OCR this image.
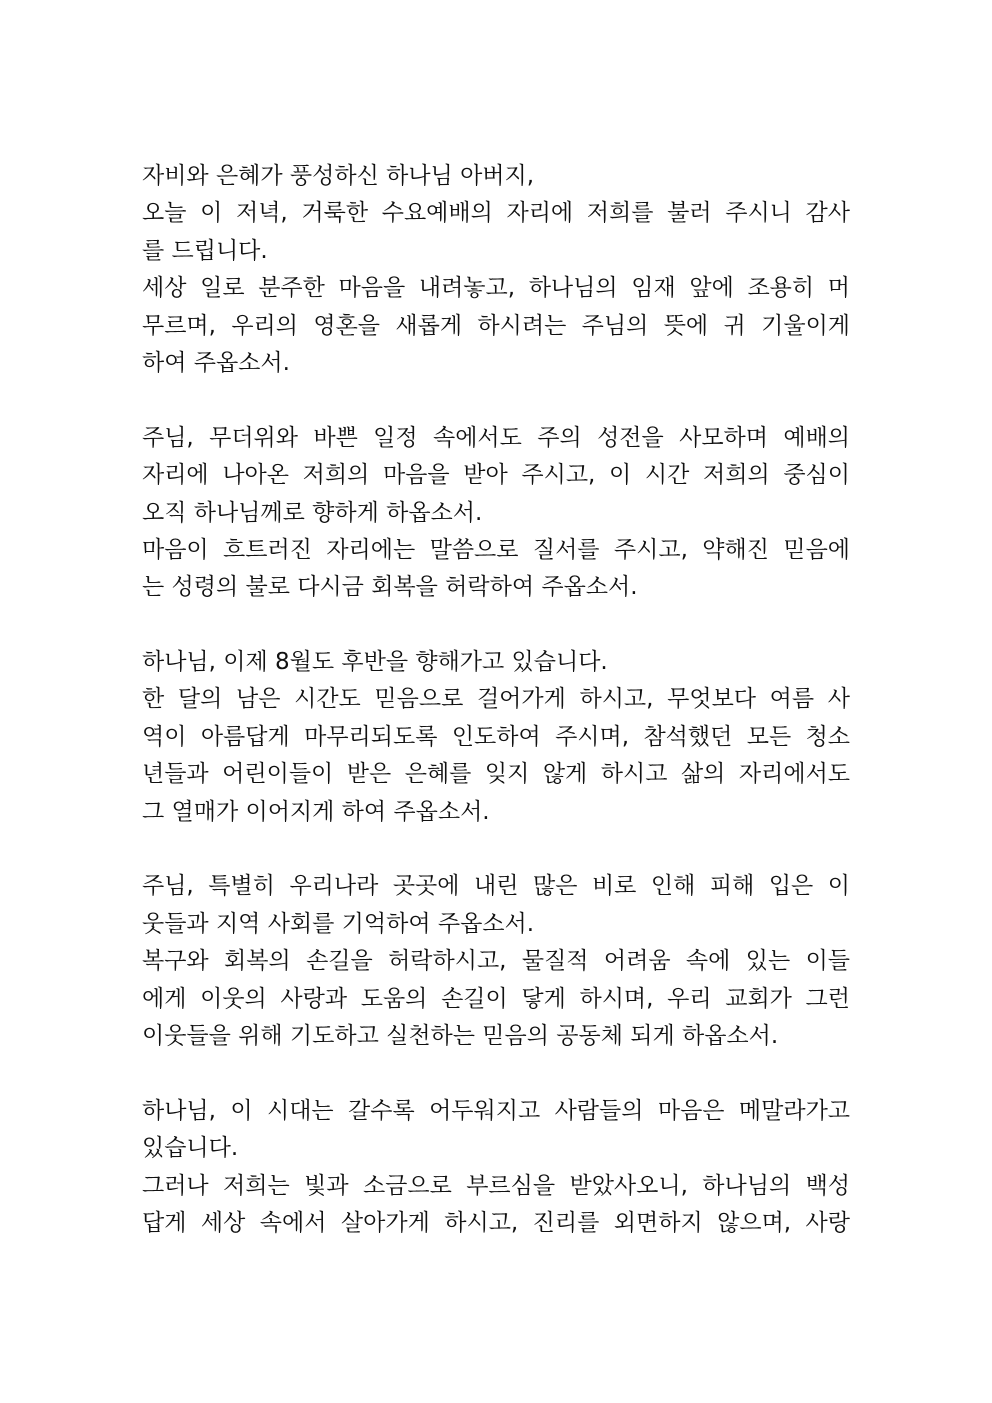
자비와 은혜가 풍성하신 하나님 아버지,
오늘 이 저녁, 거룩한 수요예배의 자리에 저희를 불러 주시니 감사
를 드립니다.
세상 일로 분주한 마음을 내려놓고, 하나님의 임재 앞에 조용히 머
무르며, 우리의 영혼을 새롭게 하시려는 주님의 뜻에 귀 기울이게
하여 주옵소서.
주님, 무더위와 바쁜 일정 속에서도 주의 성전을 사모하며 예배의
자리에 나아온 저희의 마음을 받아 주시고, 이 시간 저희의 중심이
오직 하나님께로 향하게 하옵소서.
마음이 흐트러진 자리에는 말씀으로 질서를 주시고, 약해진 믿음에
는 성령의 불로 다시금 회복을 허락하여 주옵소서.
하나님, 이제 8월도 후반을 향해가고 있습니다.
한 달의 남은 시간도 믿음으로 걸어가게 하시고, 무엇보다 여름 사
역이 아름답게 마무리되도록 인도하여 주시며, 참석했던 모든 청소
년들과 어린이들이 받은 은혜를 잊지 않게 하시고 삶의 자리에서도
그 열매가 이어지게 하여 주옵소서.
주님, 특별히 우리나라 곳곳에 내린 많은 비로 인해 피해 입은 이
웃들과 지역 사회를 기억하여 주옵소서.
복구와 회복의 손길을 허락하시고, 물질적 어려움 속에 있는 이들
에게 이웃의 사랑과 도움의 손길이 닿게 하시며, 우리 교회가 그런
이웃들을 위해 기도하고 실천하는 믿음의 공동체 되게 하옵소서.
하나님, 이 시대는 갈수록 어두워지고 사람들의 마음은 메말라가고
있습니다.
그러나 저희는 빛과 소금으로 부르심을 받았사오니, 하나님의 백성
답게 세상 속에서 살아가게 하시고, 진리를 외면하지 않으며, 사랑
